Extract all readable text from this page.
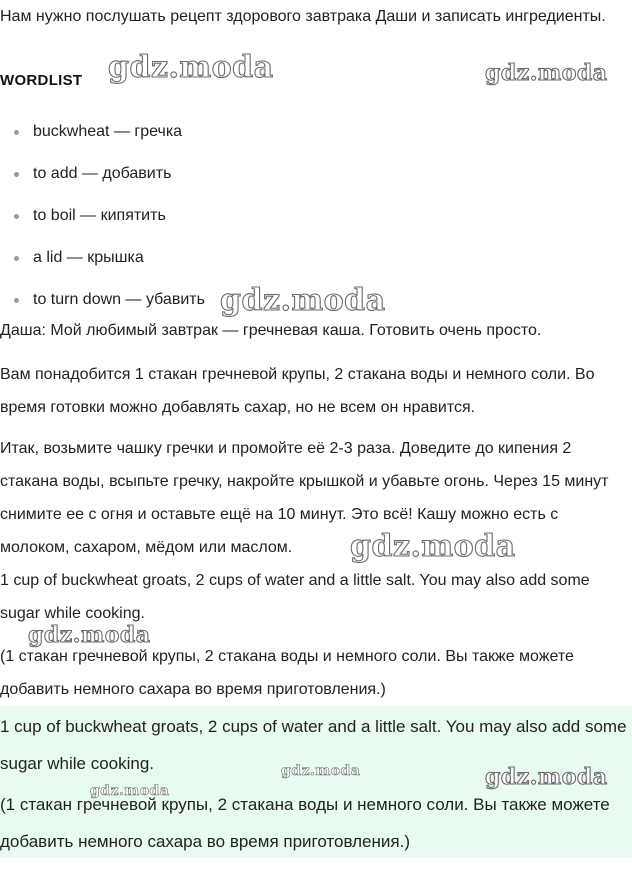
Нам нужно послушать рецепт здорового завтрака Даши и записать ингредиенты.

WORDLIST
buckwheat — гречка
to add — добавить
to boil — кипятить
a lid — крышка
to turn down — убавить

Даша: Мой любимый завтрак — гречневая каша. Готовить очень просто.

Вам понадобится 1 стакан гречневой крупы, 2 стакана воды и немного соли. Во время готовки можно добавлять сахар, но не всем он нравится.

Итак, возьмите чашку гречки и промойте её 2-3 раза. Доведите до кипения 2 стакана воды, всыпьте гречку, накройте крышкой и убавьте огонь. Через 15 минут снимите ее с огня и оставьте ещё на 10 минут. Это всё! Кашу можно есть с молоком, сахаром, мёдом или маслом.

1 cup of buckwheat groats, 2 cups of water and a little salt. You may also add some sugar while cooking.

(1 стакан гречневой крупы, 2 стакана воды и немного соли. Вы также можете добавить немного сахара во время приготовления.)

1 cup of buckwheat groats, 2 cups of water and a little salt. You may also add some sugar while cooking.

(1 стакан гречневой крупы, 2 стакана воды и немного соли. Вы также можете добавить немного сахара во время приготовления.)

gdz.moda	gdz.moda
gdz.moda
gdz.moda
gdz.moda
gdz.moda	gdz.moda
gdz.moda
